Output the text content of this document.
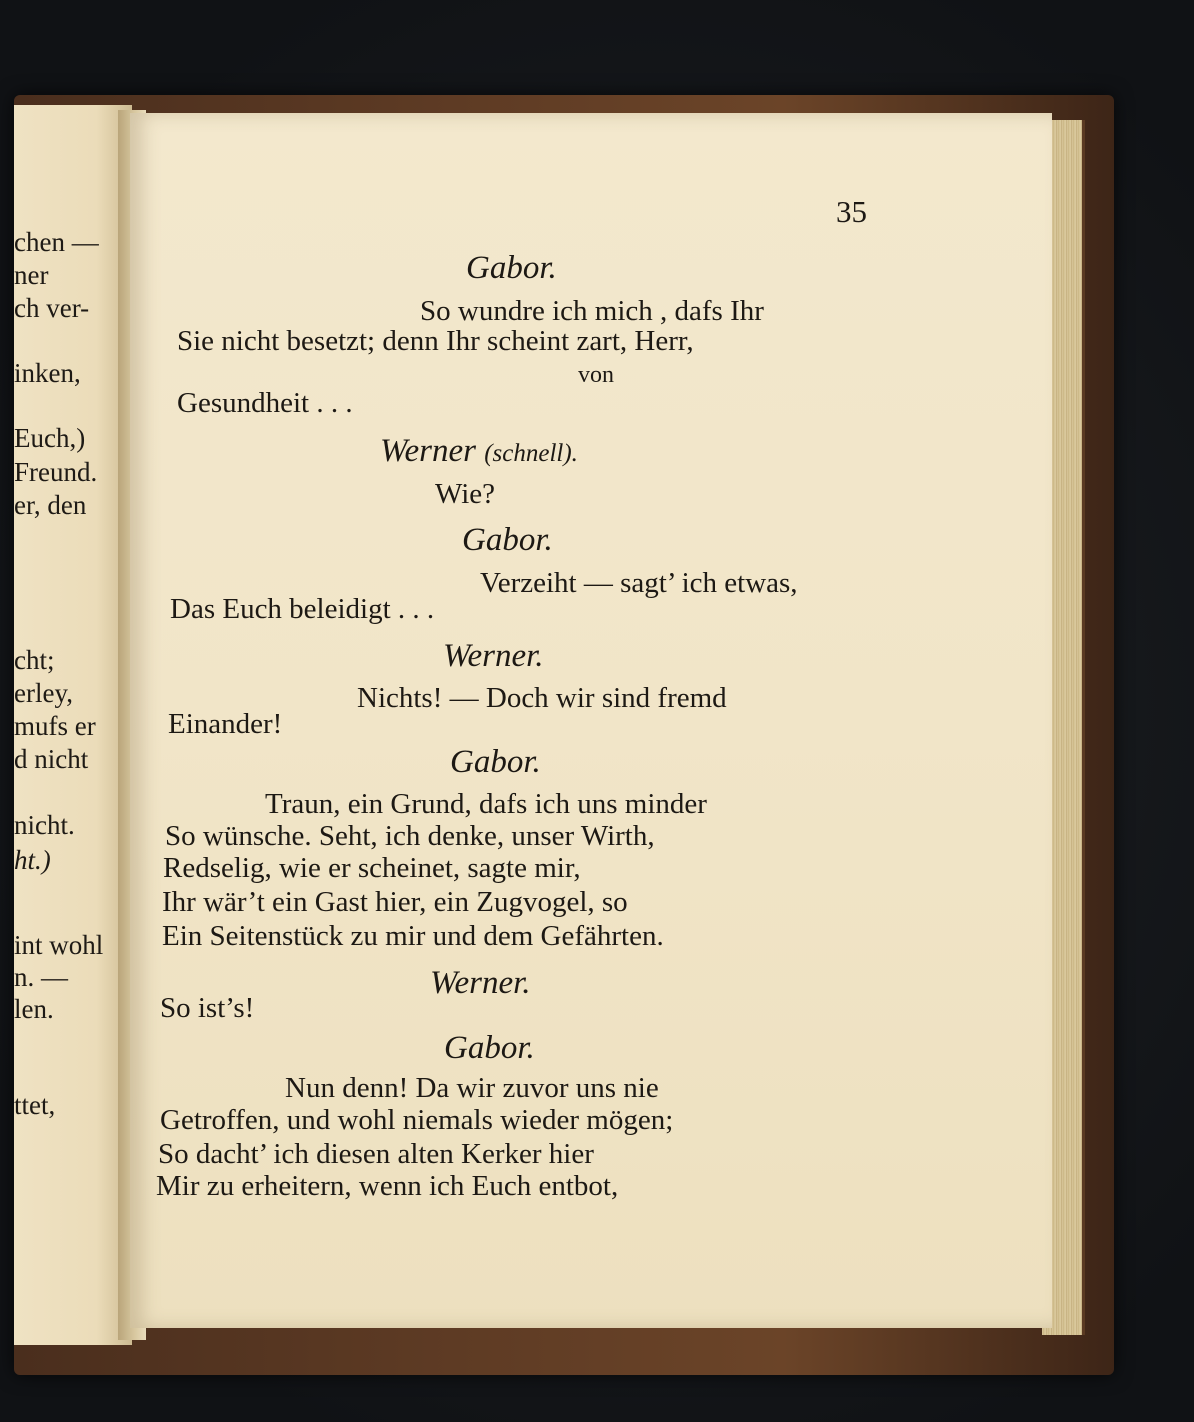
chen —
ner
ch ver-
inken,
Euch,)
Freund.
er, den
cht;
erley,
mufs er
d nicht
nicht.
ht.)
int wohl
n. —
len.
ttet,
35
Gabor.
So wundre ich mich , dafs Ihr
Sie nicht besetzt; denn Ihr scheint zart, Herr,
von
Gesundheit . . .
Werner (schnell).
Wie?
Gabor.
Verzeiht — sagt’ ich etwas,
Das Euch beleidigt . . .
Werner.
Nichts! — Doch wir sind fremd
Einander!
Gabor.
Traun, ein Grund, dafs ich uns minder
So wünsche. Seht, ich denke, unser Wirth,
Redselig, wie er scheinet, sagte mir,
Ihr wär’t ein Gast hier, ein Zugvogel, so
Ein Seitenstück zu mir und dem Gefährten.
Werner.
So ist’s!
Gabor.
Nun denn! Da wir zuvor uns nie
Getroffen, und wohl niemals wieder mögen;
So dacht’ ich diesen alten Kerker hier
Mir zu erheitern, wenn ich Euch entbot,
